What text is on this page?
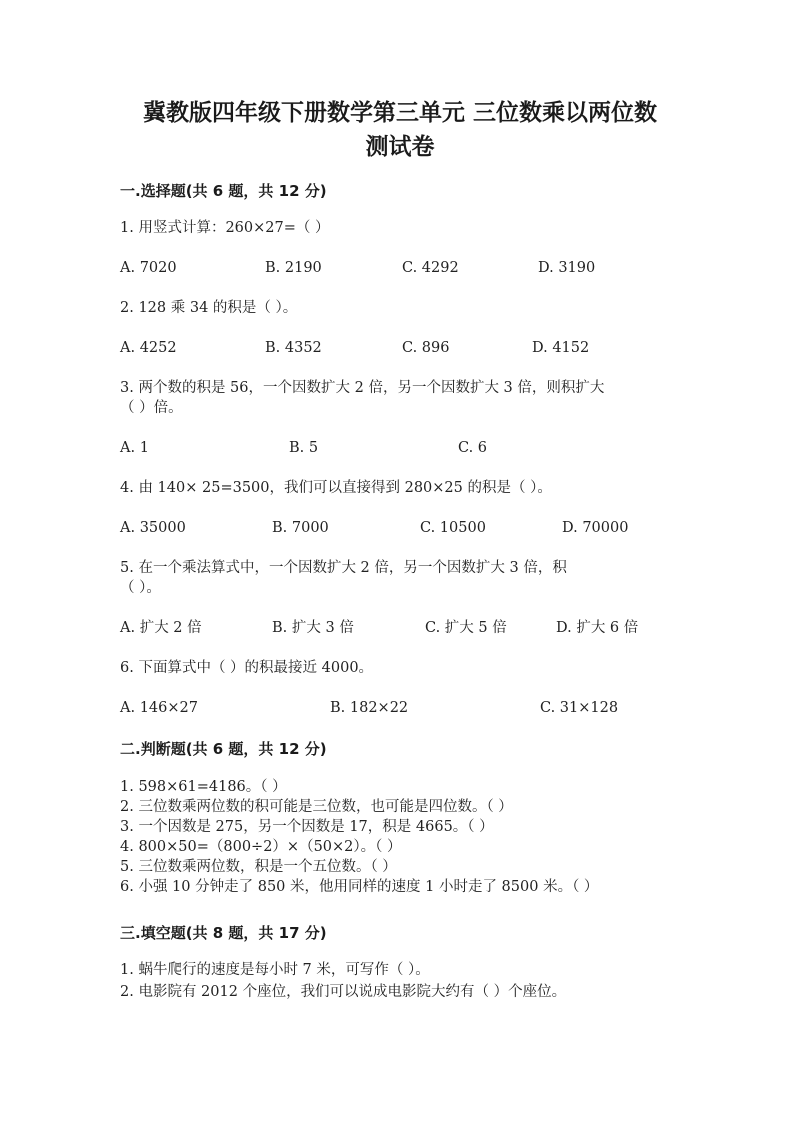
冀教版四年级下册数学第三单元 三位数乘以两位数
测试卷
一.选择题(共 6 题，共 12 分)
1. 用竖式计算：260×27=（ ）
A. 7020	B. 2190	C. 4292	D. 3190
2. 128 乘 34 的积是（ ）。
A. 4252	B. 4352	C. 896	D. 4152
3. 两个数的积是 56，一个因数扩大 2 倍，另一个因数扩大 3 倍，则积扩大
（ ）倍。
A. 1	B. 5	C. 6
4. 由 140× 25=3500，我们可以直接得到 280×25 的积是（ ）。
A. 35000	B. 7000	C. 10500	D. 70000
5. 在一个乘法算式中，一个因数扩大 2 倍，另一个因数扩大 3 倍，积
（ ）。
A. 扩大 2 倍	B. 扩大 3 倍	C. 扩大 5 倍	D. 扩大 6 倍
6. 下面算式中（ ）的积最接近 4000。
A. 146×27	B. 182×22	C. 31×128
二.判断题(共 6 题，共 12 分)
1. 598×61=4186。（ ）
2. 三位数乘两位数的积可能是三位数，也可能是四位数。（ ）
3. 一个因数是 275，另一个因数是 17，积是 4665。（ ）
4. 800×50=（800÷2）×（50×2）。（ ）
5. 三位数乘两位数，积是一个五位数。（ ）
6. 小强 10 分钟走了 850 米，他用同样的速度 1 小时走了 8500 米。（ ）
三.填空题(共 8 题，共 17 分)
1. 蜗牛爬行的速度是每小时 7 米，可写作（ ）。
2. 电影院有 2012 个座位，我们可以说成电影院大约有（ ）个座位。
